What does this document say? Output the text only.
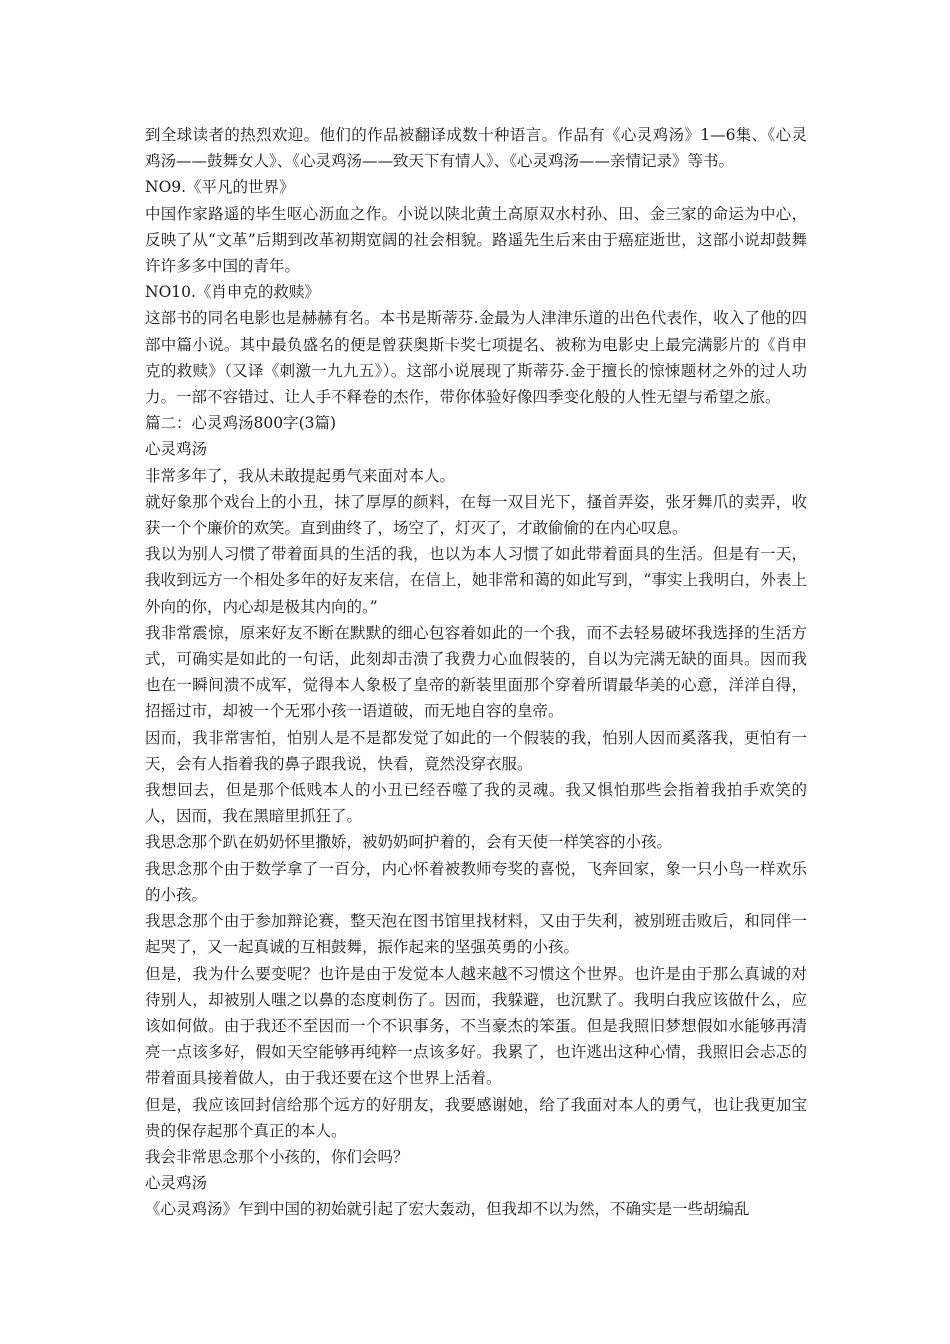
到全球读者的热烈欢迎。他们的作品被翻译成数十种语言。作品有《心灵鸡汤》1—6集、《心灵鸡汤——鼓舞女人》、《心灵鸡汤——致天下有情人》、《心灵鸡汤——亲情记录》等书。

NO9.《平凡的世界》

中国作家路遥的毕生呕心沥血之作。小说以陕北黄土高原双水村孙、田、金三家的命运为中心，反映了从“文革”后期到改革初期宽阔的社会相貌。路遥先生后来由于癌症逝世，这部小说却鼓舞许许多多中国的青年。

NO10.《肖申克的救赎》

这部书的同名电影也是赫赫有名。本书是斯蒂芬.金最为人津津乐道的出色代表作，收入了他的四部中篇小说。其中最负盛名的便是曾获奥斯卡奖七项提名、被称为电影史上最完满影片的《肖申克的救赎》（又译《刺激一九九五》）。这部小说展现了斯蒂芬.金于擅长的惊悚题材之外的过人功力。一部不容错过、让人手不释卷的杰作，带你体验好像四季变化般的人性无望与希望之旅。

篇二：心灵鸡汤800字(3篇)

心灵鸡汤

非常多年了，我从未敢提起勇气来面对本人。

就好象那个戏台上的小丑，抹了厚厚的颜料，在每一双目光下，搔首弄姿，张牙舞爪的卖弄，收获一个个廉价的欢笑。直到曲终了，场空了，灯灭了，才敢偷偷的在内心叹息。

我以为别人习惯了带着面具的生活的我，也以为本人习惯了如此带着面具的生活。但是有一天，我收到远方一个相处多年的好友来信，在信上，她非常和蔼的如此写到，“事实上我明白，外表上外向的你，内心却是极其内向的。”

我非常震惊，原来好友不断在默默的细心包容着如此的一个我，而不去轻易破坏我选择的生活方式，可确实是如此的一句话，此刻却击溃了我费力心血假装的，自以为完满无缺的面具。因而我也在一瞬间溃不成军，觉得本人象极了皇帝的新装里面那个穿着所谓最华美的心意，洋洋自得，招摇过市，却被一个无邪小孩一语道破，而无地自容的皇帝。

因而，我非常害怕，怕别人是不是都发觉了如此的一个假装的我，怕别人因而奚落我，更怕有一天，会有人指着我的鼻子跟我说，快看，竟然没穿衣服。

我想回去，但是那个低贱本人的小丑已经吞噬了我的灵魂。我又惧怕那些会指着我拍手欢笑的人，因而，我在黑暗里抓狂了。

我思念那个趴在奶奶怀里撒娇，被奶奶呵护着的，会有天使一样笑容的小孩。

我思念那个由于数学拿了一百分，内心怀着被教师夸奖的喜悦，飞奔回家，象一只小鸟一样欢乐的小孩。

我思念那个由于参加辩论赛，整天泡在图书馆里找材料，又由于失利，被别班击败后，和同伴一起哭了，又一起真诚的互相鼓舞，振作起来的坚强英勇的小孩。

但是，我为什么要变呢？也许是由于发觉本人越来越不习惯这个世界。也许是由于那么真诚的对待别人，却被别人嗤之以鼻的态度刺伤了。因而，我躲避，也沉默了。我明白我应该做什么，应该如何做。由于我还不至因而一个不识事务，不当豪杰的笨蛋。但是我照旧梦想假如水能够再清亮一点该多好，假如天空能够再纯粹一点该多好。我累了，也许逃出这种心情，我照旧会忐忑的带着面具接着做人，由于我还要在这个世界上活着。

但是，我应该回封信给那个远方的好朋友，我要感谢她，给了我面对本人的勇气，也让我更加宝贵的保存起那个真正的本人。

我会非常思念那个小孩的，你们会吗？

心灵鸡汤

《心灵鸡汤》乍到中国的初始就引起了宏大轰动，但我却不以为然，不确实是一些胡编乱
